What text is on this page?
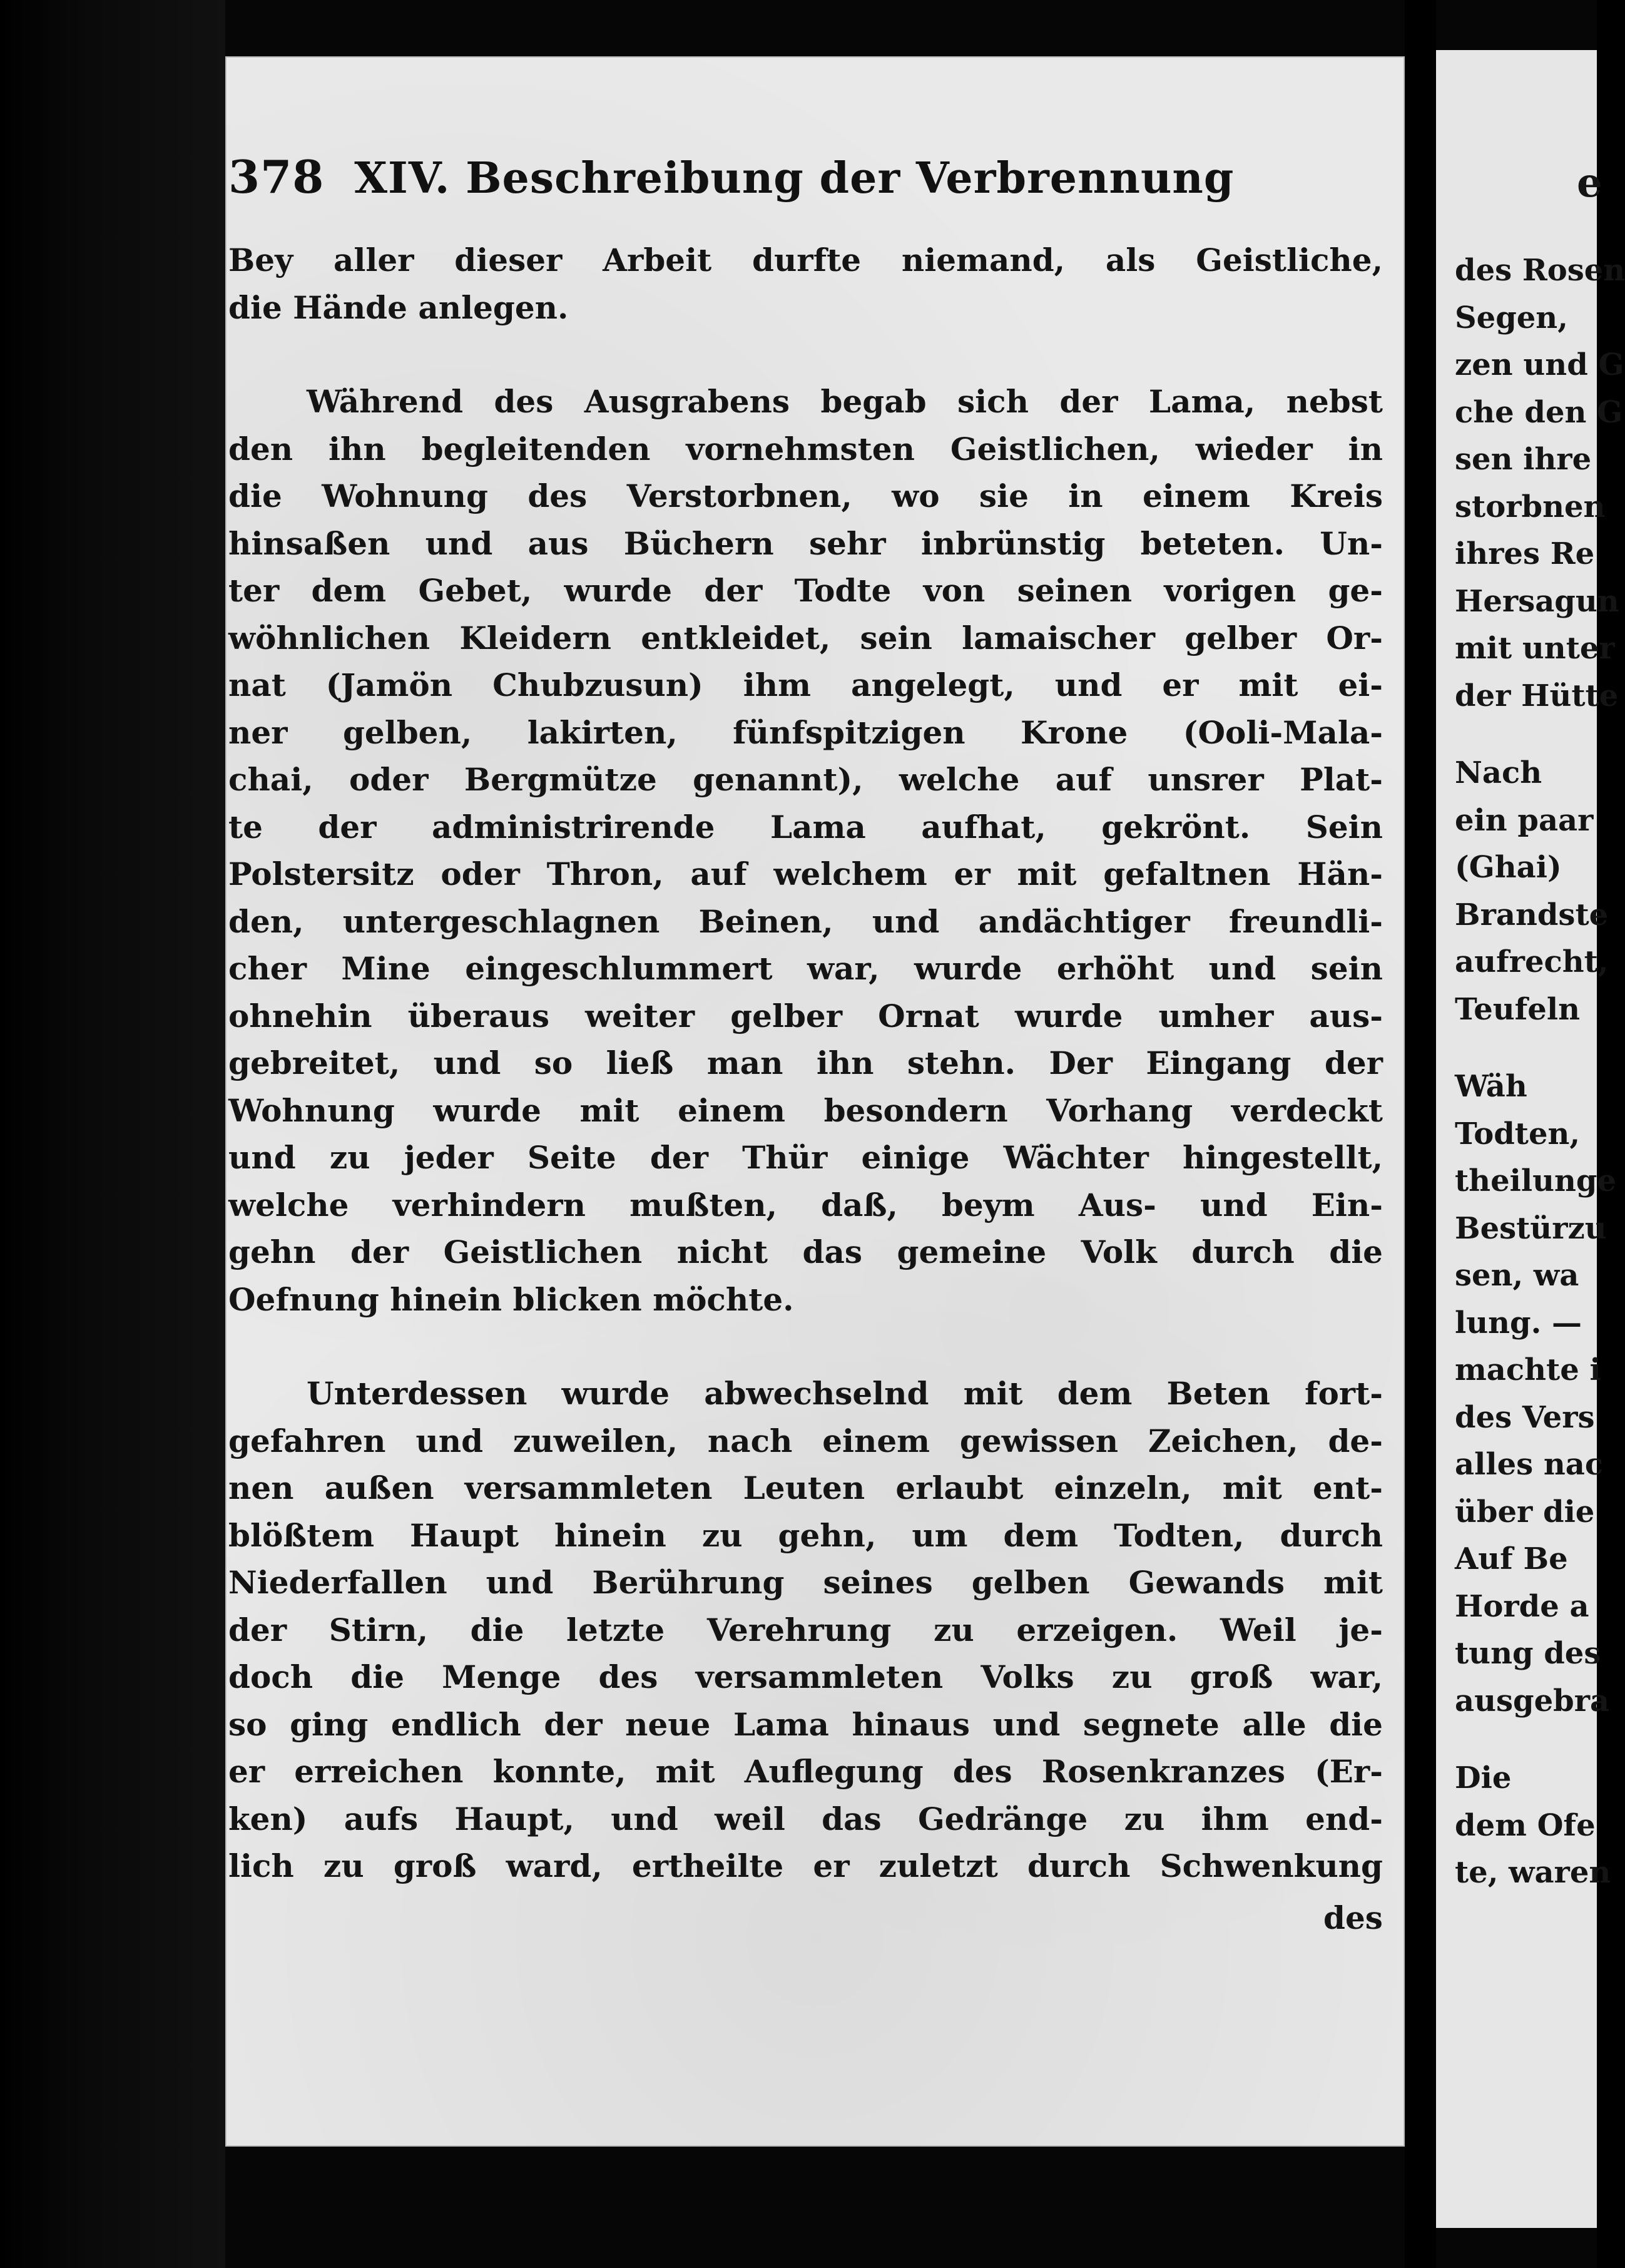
378 XIV. Beschreibung der Verbrennung

Bey aller dieser Arbeit durfte niemand, als Geistliche,
die Hände anlegen.

Während des Ausgrabens begab sich der Lama, nebst
den ihn begleitenden vornehmsten Geistlichen, wieder in
die Wohnung des Verstorbnen, wo sie in einem Kreis
hinsaßen und aus Büchern sehr inbrünstig beteten. Un-
ter dem Gebet, wurde der Todte von seinen vorigen ge-
wöhnlichen Kleidern entkleidet, sein lamaischer gelber Or-
nat (Jamön Chubzusun) ihm angelegt, und er mit ei-
ner gelben, lakirten, fünfspitzigen Krone (Ooli-Mala-
chai, oder Bergmütze genannt), welche auf unsrer Plat-
te der administrirende Lama aufhat, gekrönt. Sein
Polstersitz oder Thron, auf welchem er mit gefaltnen Hän-
den, untergeschlagnen Beinen, und andächtiger freundli-
cher Mine eingeschlummert war, wurde erhöht und sein
ohnehin überaus weiter gelber Ornat wurde umher aus-
gebreitet, und so ließ man ihn stehn. Der Eingang der
Wohnung wurde mit einem besondern Vorhang verdeckt
und zu jeder Seite der Thür einige Wächter hingestellt,
welche verhindern mußten, daß, beym Aus- und Ein-
gehn der Geistlichen nicht das gemeine Volk durch die
Oefnung hinein blicken möchte.

Unterdessen wurde abwechselnd mit dem Beten fort-
gefahren und zuweilen, nach einem gewissen Zeichen, de-
nen außen versammleten Leuten erlaubt einzeln, mit ent-
blößtem Haupt hinein zu gehn, um dem Todten, durch
Niederfallen und Berührung seines gelben Gewands mit
der Stirn, die letzte Verehrung zu erzeigen. Weil je-
doch die Menge des versammleten Volks zu groß war,
so ging endlich der neue Lama hinaus und segnete alle die
er erreichen konnte, mit Auflegung des Rosenkranzes (Er-
ken) aufs Haupt, und weil das Gedränge zu ihm end-
lich zu groß ward, ertheilte er zuletzt durch Schwenkung

des
e
des Rosen
Segen,
zen und G
che den G
sen ihre
storbnen
ihres Re
Hersagun
mit unter
der Hütte
Nach
ein paar
(Ghai)
Brandste
aufrecht,
Teufeln
Wäh
Todten,
theilunge
Bestürzu
sen, wa
lung. —
machte i
des Vers
alles nac
über die
Auf Be
Horde a
tung des
ausgebra
Die
dem Ofe
te, waren
